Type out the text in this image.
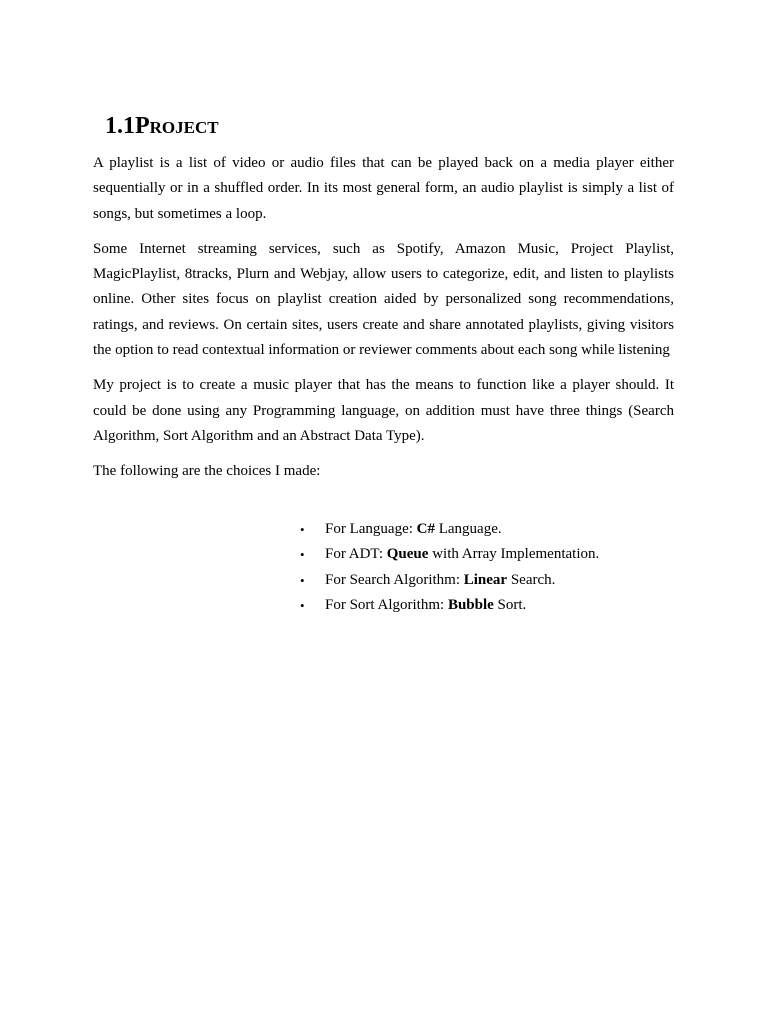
1.1Project

A playlist is a list of video or audio files that can be played back on a media player either sequentially or in a shuffled order. In its most general form, an audio playlist is simply a list of songs, but sometimes a loop.

Some Internet streaming services, such as Spotify, Amazon Music, Project Playlist, MagicPlaylist, 8tracks, Plurn and Webjay, allow users to categorize, edit, and listen to playlists online. Other sites focus on playlist creation aided by personalized song recommendations, ratings, and reviews. On certain sites, users create and share annotated playlists, giving visitors the option to read contextual information or reviewer comments about each song while listening

My project is to create a music player that has the means to function like a player should. It could be done using any Programming language, on addition must have three things (Search Algorithm, Sort Algorithm and an Abstract Data Type).

The following are the choices I made:

• For Language: C# Language.
• For ADT: Queue with Array Implementation.
• For Search Algorithm: Linear Search.
• For Sort Algorithm: Bubble Sort.
